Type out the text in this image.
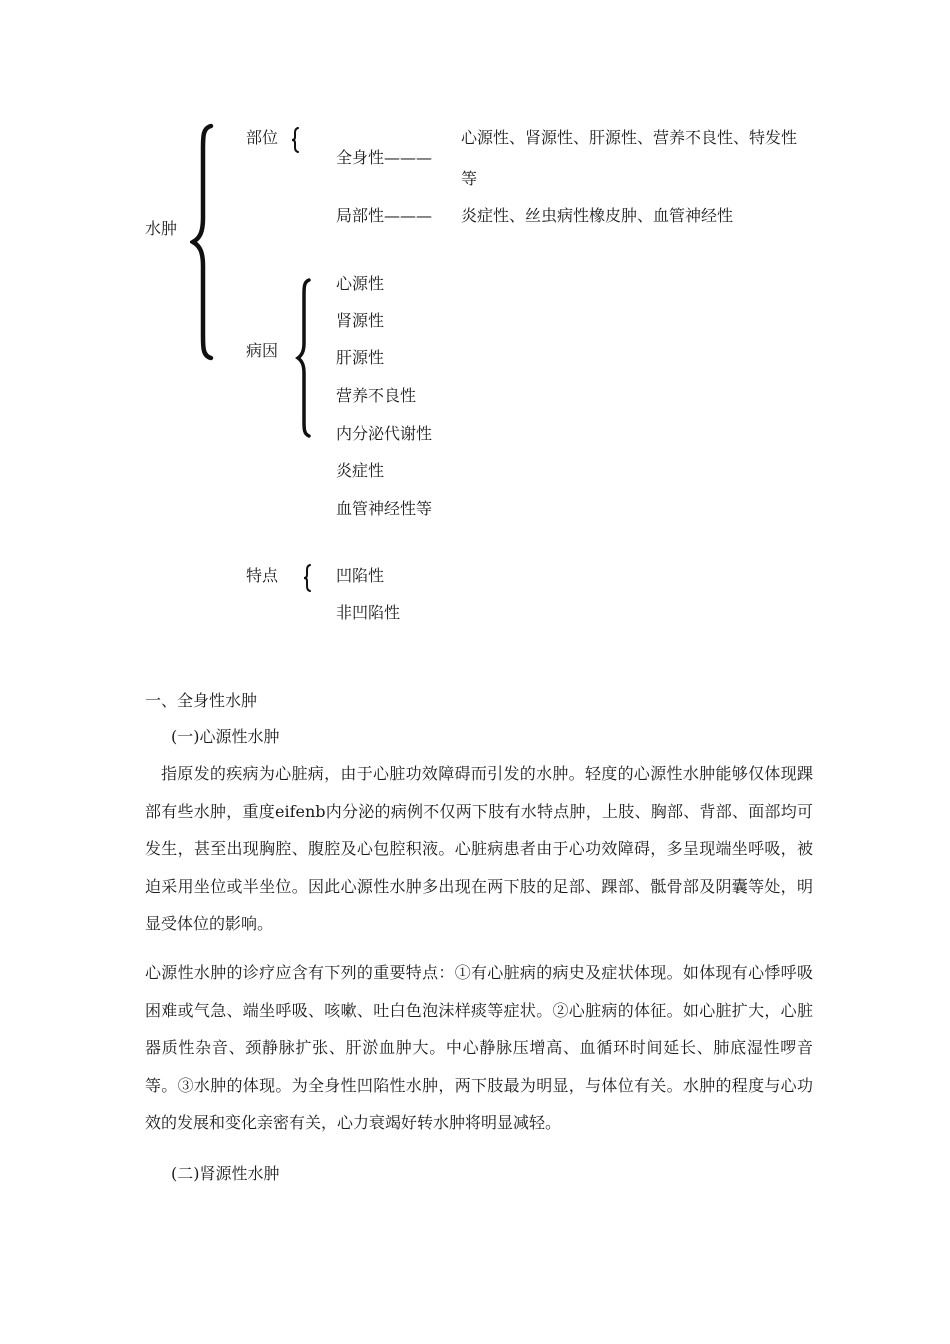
水肿
部位
全身性———
心源性、肾源性、肝源性、营养不良性、特发性
等
局部性——— 炎症性、丝虫病性橡皮肿、血管神经性
病因
心源性
肾源性
肝源性
营养不良性
内分泌代谢性
炎症性
血管神经性等
特点	凹陷性
非凹陷性
一、全身性水肿
(一)心源性水肿

指原发的疾病为心脏病，由于心脏功效障碍而引发的水肿。轻度的心源性水肿能够仅体现踝部有些水肿，重度eifenb内分泌的病例不仅两下肢有水特点肿，上肢、胸部、背部、面部均可发生，甚至出现胸腔、腹腔及心包腔积液。心脏病患者由于心功效障碍，多呈现端坐呼吸，被迫采用坐位或半坐位。因此心源性水肿多出现在两下肢的足部、踝部、骶骨部及阴囊等处，明显受体位的影响。

心源性水肿的诊疗应含有下列的重要特点：①有心脏病的病史及症状体现。如体现有心悸呼吸困难或气急、端坐呼吸、咳嗽、吐白色泡沫样痰等症状。②心脏病的体征。如心脏扩大，心脏器质性杂音、颈静脉扩张、肝淤血肿大。中心静脉压增高、血循环时间延长、肺底湿性啰音等。③水肿的体现。为全身性凹陷性水肿，两下肢最为明显，与体位有关。水肿的程度与心功效的发展和变化亲密有关，心力衰竭好转水肿将明显减轻。

(二)肾源性水肿
